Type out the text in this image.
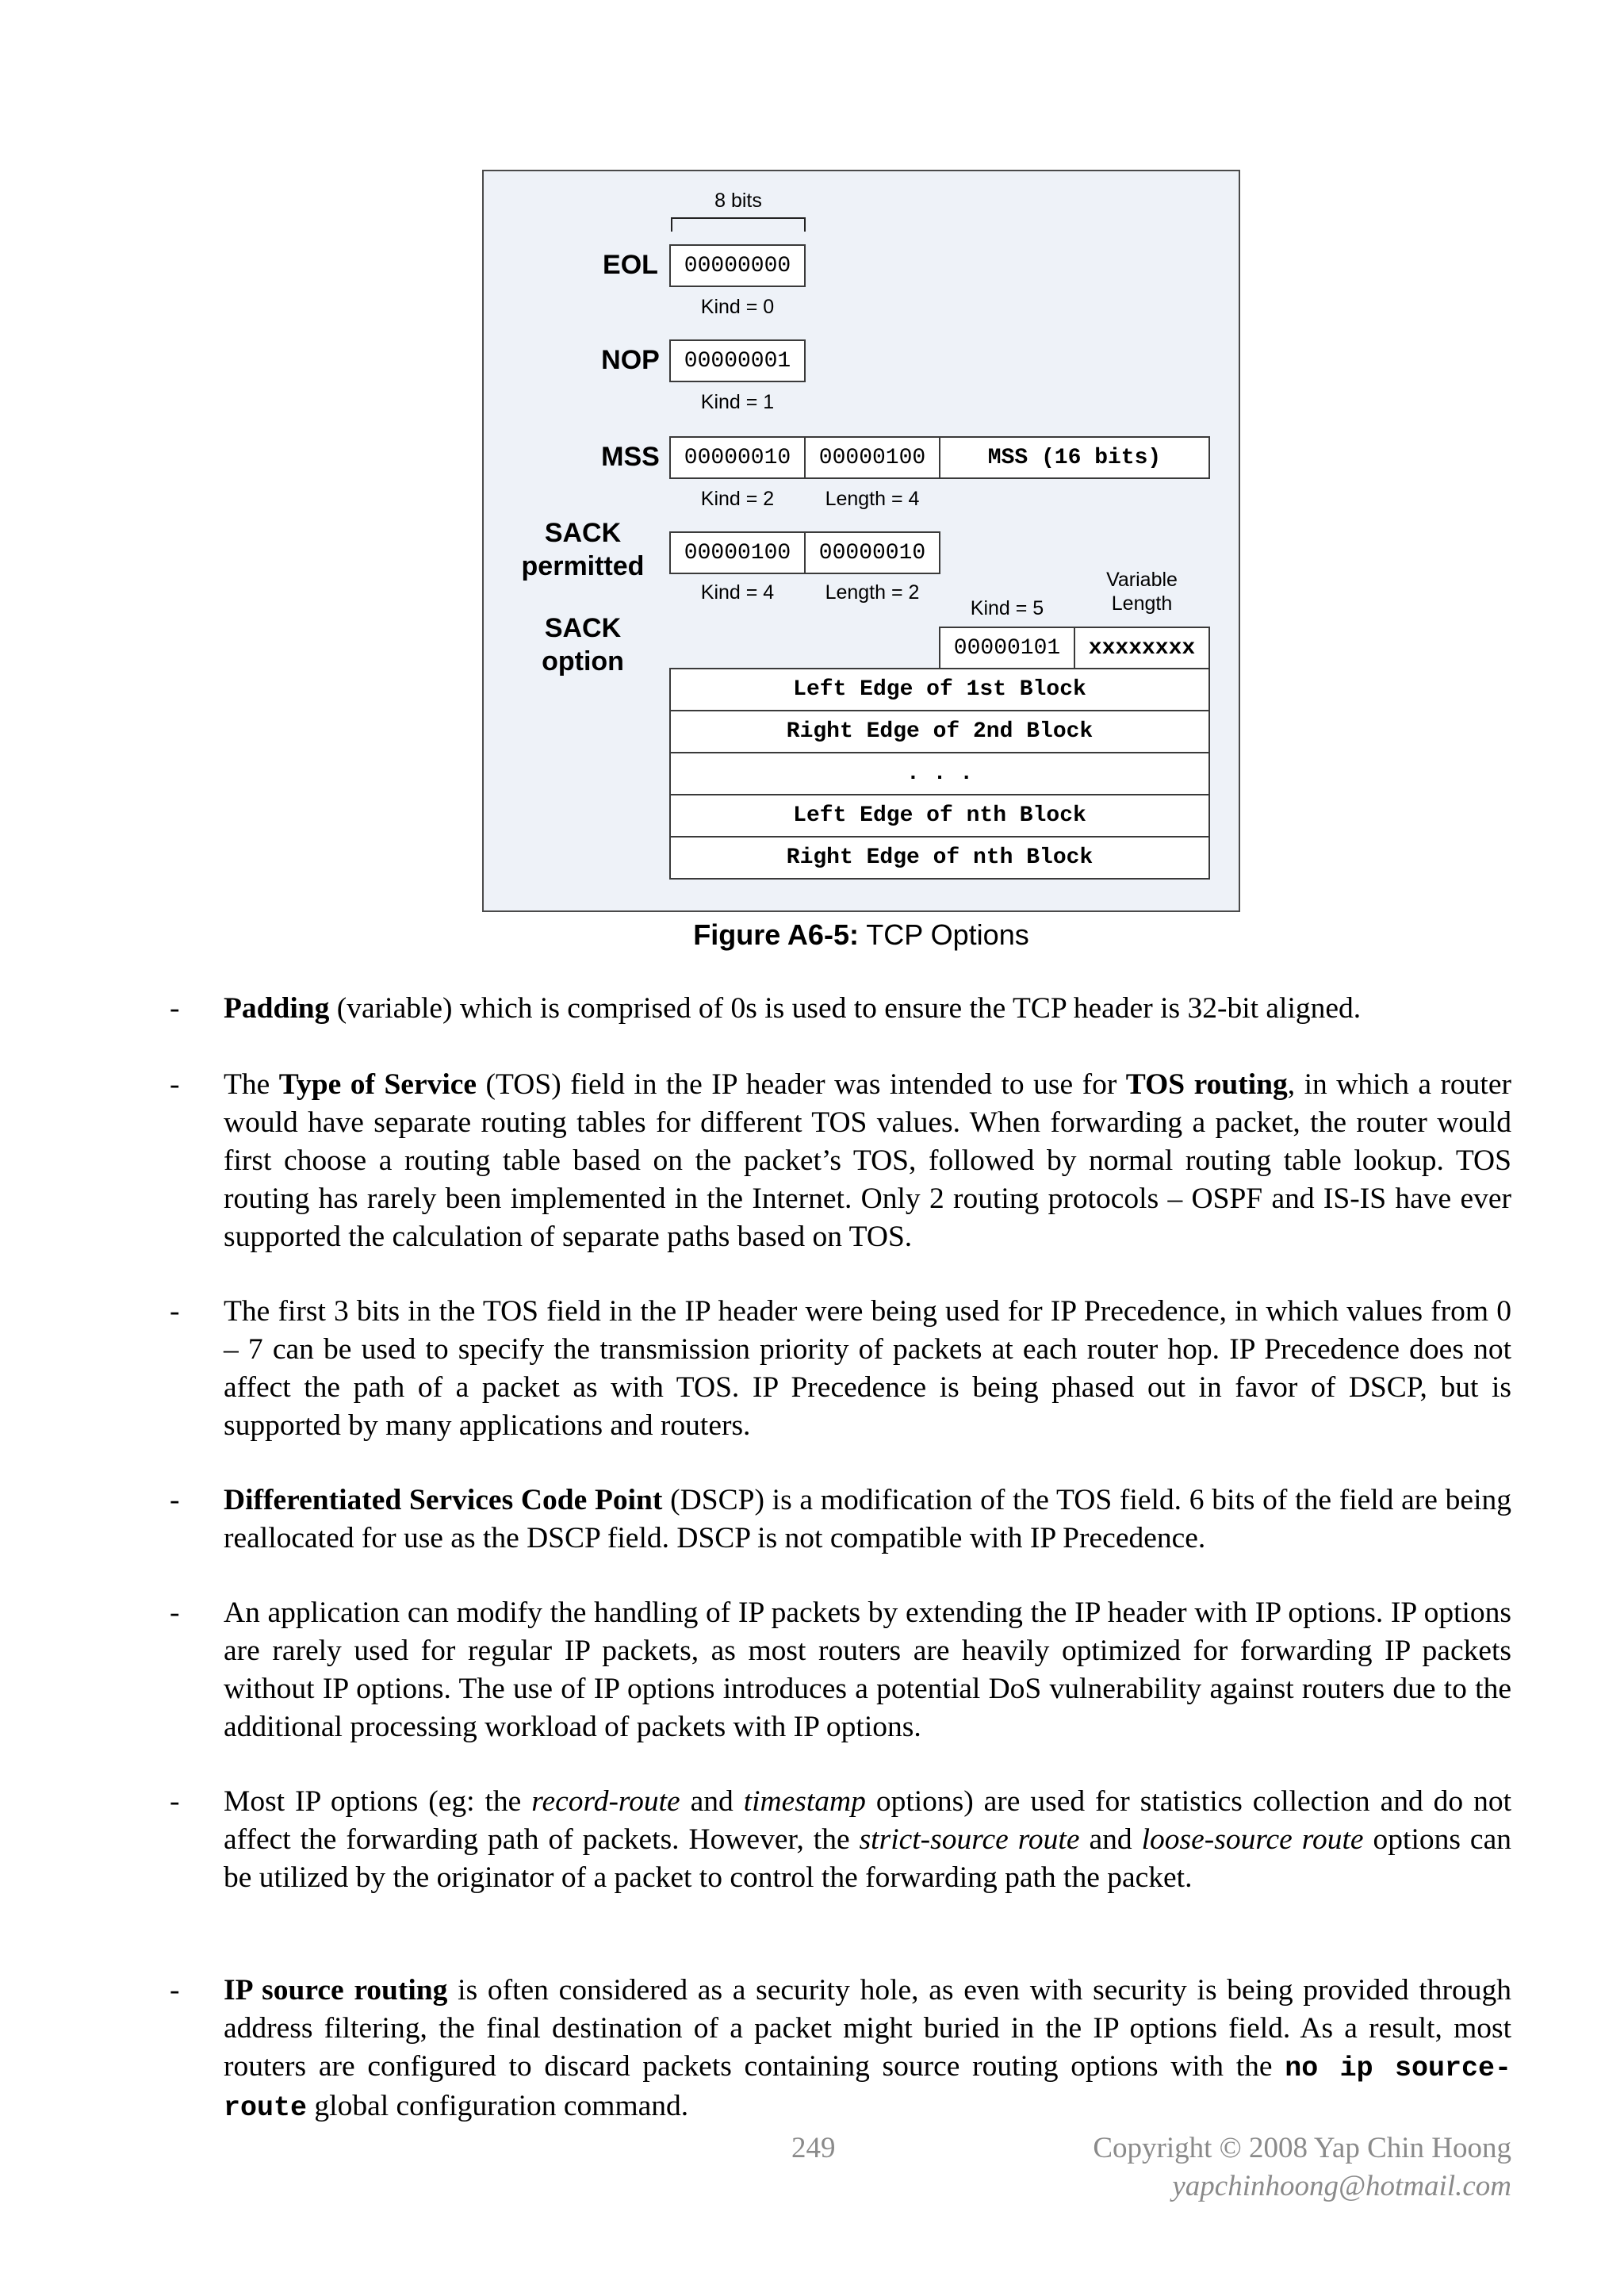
8 bits
EOL	00000000
Kind = 0
NOP	00000001
Kind = 1
MSS	00000010	00000100	MSS (16 bits)
Kind = 2	Length = 4
SACK
permitted	00000100	00000010
Kind = 4	Length = 2
SACK
option
Kind = 5
Variable
Length
00000101	xxxxxxxx
Left Edge of 1st Block
Right Edge of 2nd Block
. . .
Left Edge of nth Block
Right Edge of nth Block
Figure A6-5: TCP Options
- Padding (variable) which is comprised of 0s is used to ensure the TCP header is 32-bit aligned.
- The Type of Service (TOS) field in the IP header was intended to use for TOS routing, in which a router would have separate routing tables for different TOS values. When forwarding a packet, the router would first choose a routing table based on the packet’s TOS, followed by normal routing table lookup. TOS routing has rarely been implemented in the Internet. Only 2 routing protocols – OSPF and IS-IS have ever supported the calculation of separate paths based on TOS.
- The first 3 bits in the TOS field in the IP header were being used for IP Precedence, in which values from 0 – 7 can be used to specify the transmission priority of packets at each router hop. IP Precedence does not affect the path of a packet as with TOS. IP Precedence is being phased out in favor of DSCP, but is supported by many applications and routers.
- Differentiated Services Code Point (DSCP) is a modification of the TOS field. 6 bits of the field are being reallocated for use as the DSCP field. DSCP is not compatible with IP Precedence.
- An application can modify the handling of IP packets by extending the IP header with IP options. IP options are rarely used for regular IP packets, as most routers are heavily optimized for forwarding IP packets without IP options. The use of IP options introduces a potential DoS vulnerability against routers due to the additional processing workload of packets with IP options.
- Most IP options (eg: the record-route and timestamp options) are used for statistics collection and do not affect the forwarding path of packets. However, the strict-source route and loose-source route options can be utilized by the originator of a packet to control the forwarding path the packet.
- IP source routing is often considered as a security hole, as even with security is being provided through address filtering, the final destination of a packet might buried in the IP options field. As a result, most routers are configured to discard packets containing source routing options with the no ip source-route global configuration command.
249	Copyright © 2008 Yap Chin Hoong
yapchinhoong@hotmail.com
